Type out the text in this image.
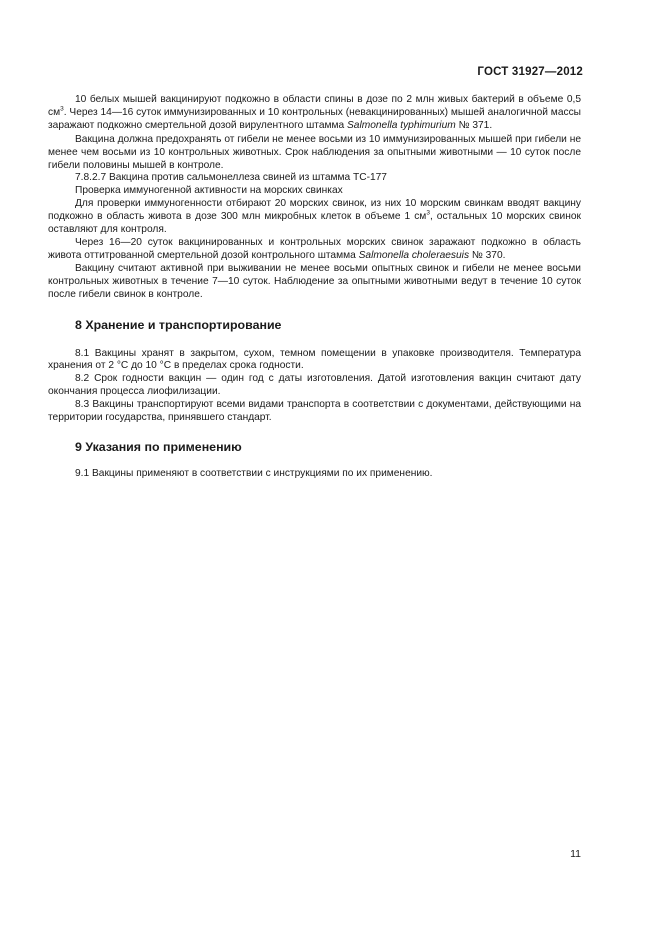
ГОСТ 31927—2012

10 белых мышей вакцинируют подкожно в области спины в дозе по 2 млн живых бактерий в объеме 0,5 $см^3$. Через 14—16 суток иммунизированных и 10 контрольных (невакцинированных) мышей аналогичной массы заражают подкожно смертельной дозой вирулентного штамма Salmonella typhimurium № 371.

Вакцина должна предохранять от гибели не менее восьми из 10 иммунизированных мышей при гибели не менее чем восьми из 10 контрольных животных. Срок наблюдения за опытными животными — 10 суток после гибели половины мышей в контроле.

7.8.2.7 Вакцина против сальмонеллеза свиней из штамма ТС-177

Проверка иммуногенной активности на морских свинках

Для проверки иммуногенности отбирают 20 морских свинок, из них 10 морским свинкам вводят вакцину подкожно в область живота в дозе 300 млн микробных клеток в объеме 1 $см^3$, остальных 10 морских свинок оставляют для контроля.

Через 16—20 суток вакцинированных и контрольных морских свинок заражают подкожно в область живота оттитрованной смертельной дозой контрольного штамма Salmonella choleraesuis № 370.

Вакцину считают активной при выживании не менее восьми опытных свинок и гибели не менее восьми контрольных животных в течение 7—10 суток. Наблюдение за опытными животными ведут в течение 10 суток после гибели свинок в контроле.

8 Хранение и транспортирование

8.1 Вакцины хранят в закрытом, сухом, темном помещении в упаковке производителя. Температура хранения от 2 °С до 10 °С в пределах срока годности.

8.2 Срок годности вакцин — один год с даты изготовления. Датой изготовления вакцин считают дату окончания процесса лиофилизации.

8.3 Вакцины транспортируют всеми видами транспорта в соответствии с документами, действующими на территории государства, принявшего стандарт.

9 Указания по применению

9.1 Вакцины применяют в соответствии с инструкциями по их применению.

11
